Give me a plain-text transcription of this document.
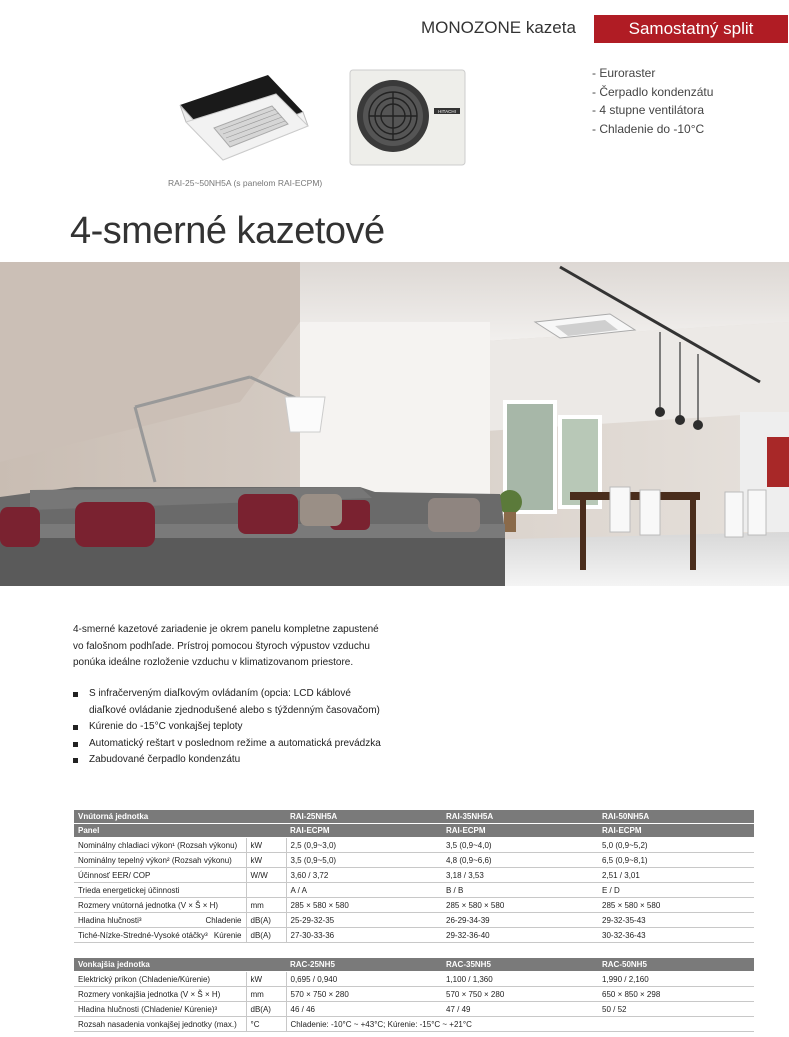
MONOZONE kazeta	Samostatný split
- Euroraster
- Čerpadlo kondenzátu
- 4 stupne ventilátora
- Chladenie do -10°C
HITACHI
RAI-25~50NH5A (s panelom RAI-ECPM)
4-smerné kazetové
4-smerné kazetové zariadenie je okrem panelu kompletne zapustené
vo falošnom podhľade. Prístroj pomocou štyroch výpustov vzduchu
ponúka ideálne rozloženie vzduchu v klimatizovanom priestore.
S infračerveným diaľkovým ovládaním (opcia: LCD káblové
diaľkové ovládanie zjednodušené alebo s týždenným časovačom)
Kúrenie do -15°C vonkajšej teploty
Automatický reštart v poslednom režime a automatická prevádzka
Zabudované čerpadlo kondenzátu
Vnútorná jednotka		RAI-25NH5A	RAI-35NH5A	RAI-50NH5A
Panel		RAI-ECPM	RAI-ECPM	RAI-ECPM
Nominálny chladiaci výkon¹ (Rozsah výkonu)	kW	2,5 (0,9~3,0)	3,5 (0,9~4,0)	5,0 (0,9~5,2)
Nominálny tepelný výkon² (Rozsah výkonu)	kW	3,5 (0,9~5,0)	4,8 (0,9~6,6)	6,5 (0,9~8,1)
Účinnosť EER/ COP	W/W	3,60 / 3,72	3,18 / 3,53	2,51 / 3,01
Trieda energetickej účinnosti		A / A	B / B	E / D
Rozmery vnútorná jednotka (V × Š × H)	mm	285 × 580 × 580	285 × 580 × 580	285 × 580 × 580
Hladina hlučnosti³ Chladenie	dB(A)	25-29-32-35	26-29-34-39	29-32-35-43
Tiché-Nízke-Stredné-Vysoké otáčky³ Kúrenie	dB(A)	27-30-33-36	29-32-36-40	30-32-36-43
Vonkajšia jednotka		RAC-25NH5	RAC-35NH5	RAC-50NH5
Elektrický príkon (Chladenie/Kúrenie)	kW	0,695 / 0,940	1,100 / 1,360	1,990 / 2,160
Rozmery vonkajšia jednotka (V × Š × H)	mm	570 × 750 × 280	570 × 750 × 280	650 × 850 × 298
Hladina hlučnosti (Chladenie/ Kúrenie)³	dB(A)	46 / 46	47 / 49	50 / 52
Rozsah nasadenia vonkajšej jednotky (max.)	°C	Chladenie: -10°C ~ +43°C; Kúrenie: -15°C ~ +21°C		
